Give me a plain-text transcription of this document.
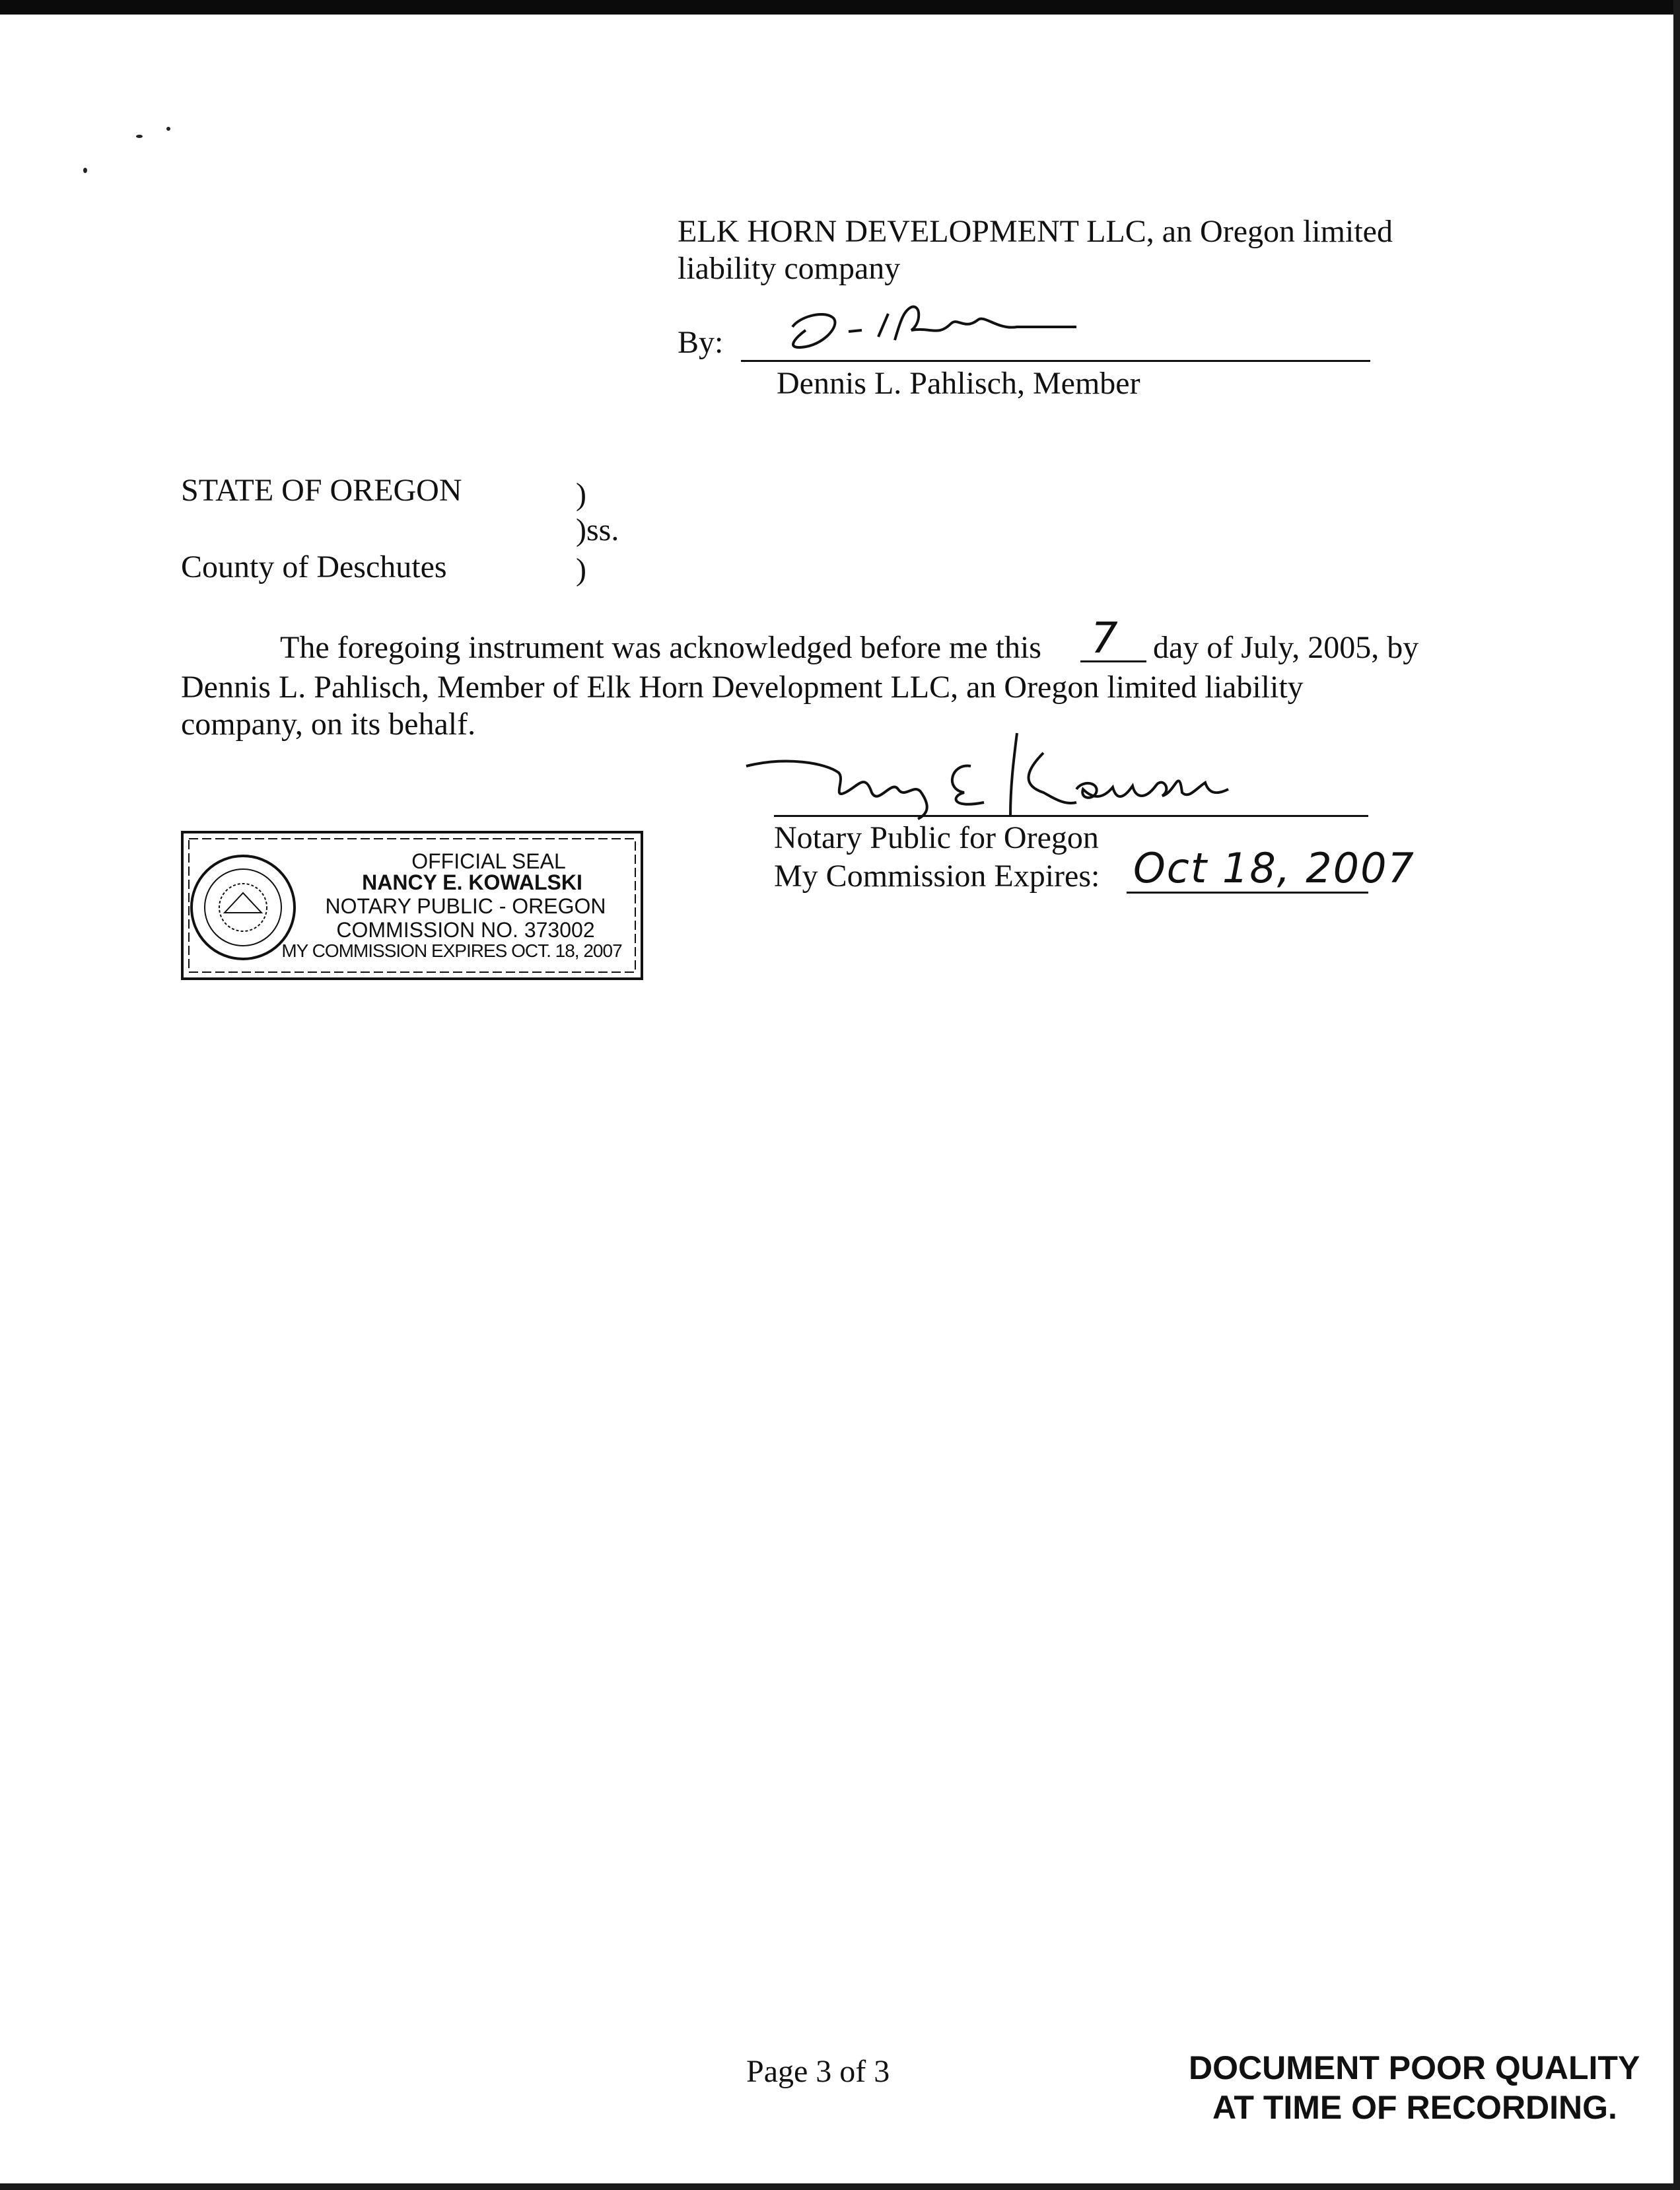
ELK HORN DEVELOPMENT LLC, an Oregon limited
liability company
By:
Dennis L. Pahlisch, Member
STATE OF OREGON	)
)ss.
County of Deschutes	)
The foregoing instrument was acknowledged before me this 7 day of July, 2005, by
Dennis L. Pahlisch, Member of Elk Horn Development LLC, an Oregon limited liability
company, on its behalf.
Notary Public for Oregon
My Commission Expires: Oct 18, 2007
OFFICIAL SEAL
NANCY E. KOWALSKI
NOTARY PUBLIC - OREGON
COMMISSION NO. 373002
MY COMMISSION EXPIRES OCT. 18, 2007
Page 3 of 3	DOCUMENT POOR QUALITY
AT TIME OF RECORDING.
